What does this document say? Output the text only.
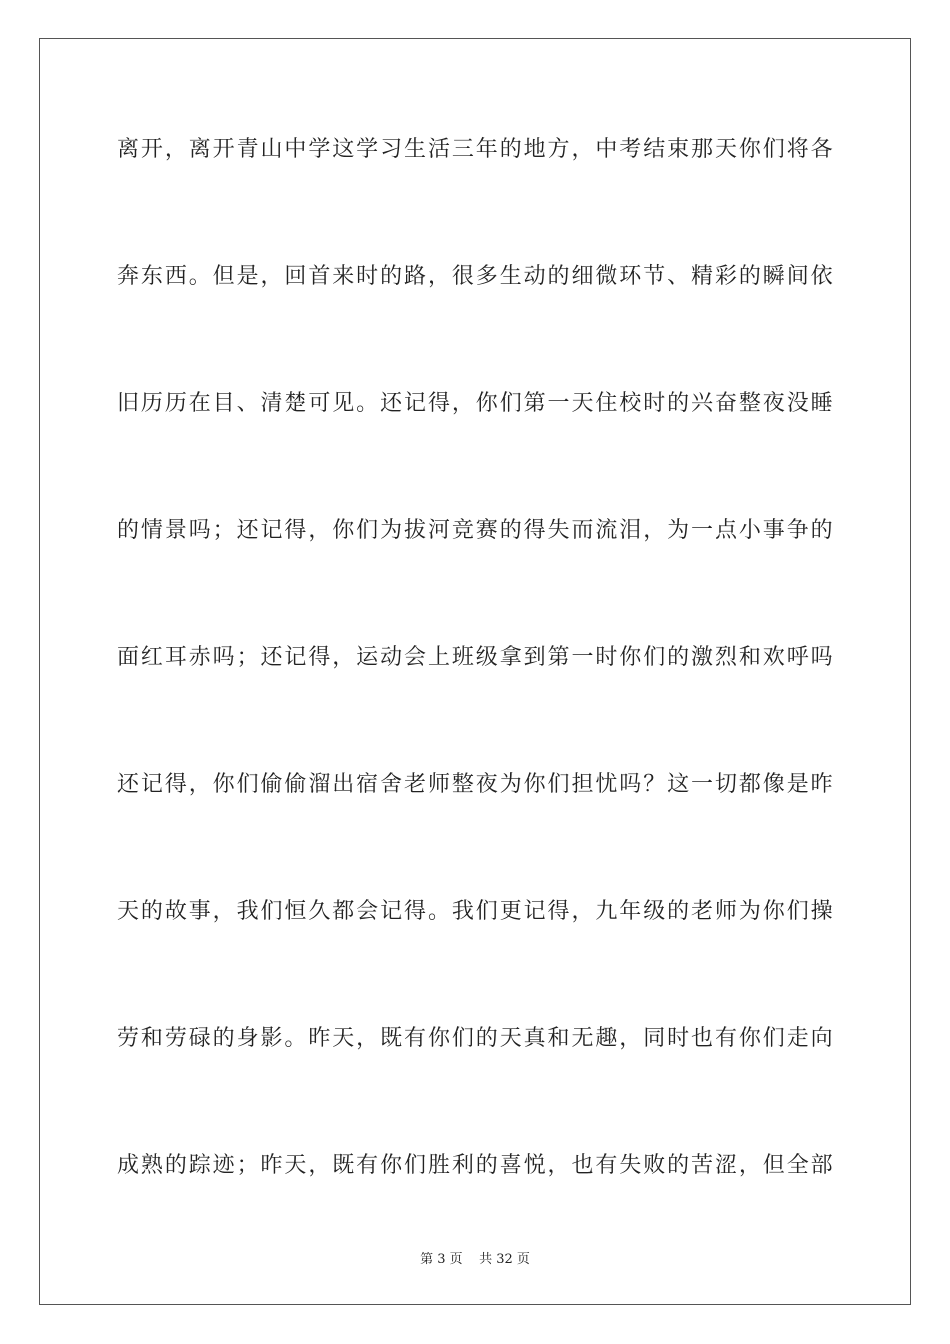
离开，离开青山中学这学习生活三年的地方，中考结束那天你们将各
奔东西。但是，回首来时的路，很多生动的细微环节、精彩的瞬间依
旧历历在目、清楚可见。还记得，你们第一天住校时的兴奋整夜没睡
的情景吗；还记得，你们为拔河竞赛的得失而流泪，为一点小事争的
面红耳赤吗；还记得，运动会上班级拿到第一时你们的激烈和欢呼吗
还记得，你们偷偷溜出宿舍老师整夜为你们担忧吗？这一切都像是昨
天的故事，我们恒久都会记得。我们更记得，九年级的老师为你们操
劳和劳碌的身影。昨天，既有你们的天真和无趣，同时也有你们走向
成熟的踪迹；昨天，既有你们胜利的喜悦，也有失败的苦涩，但全部
第 3 页    共 32 页
